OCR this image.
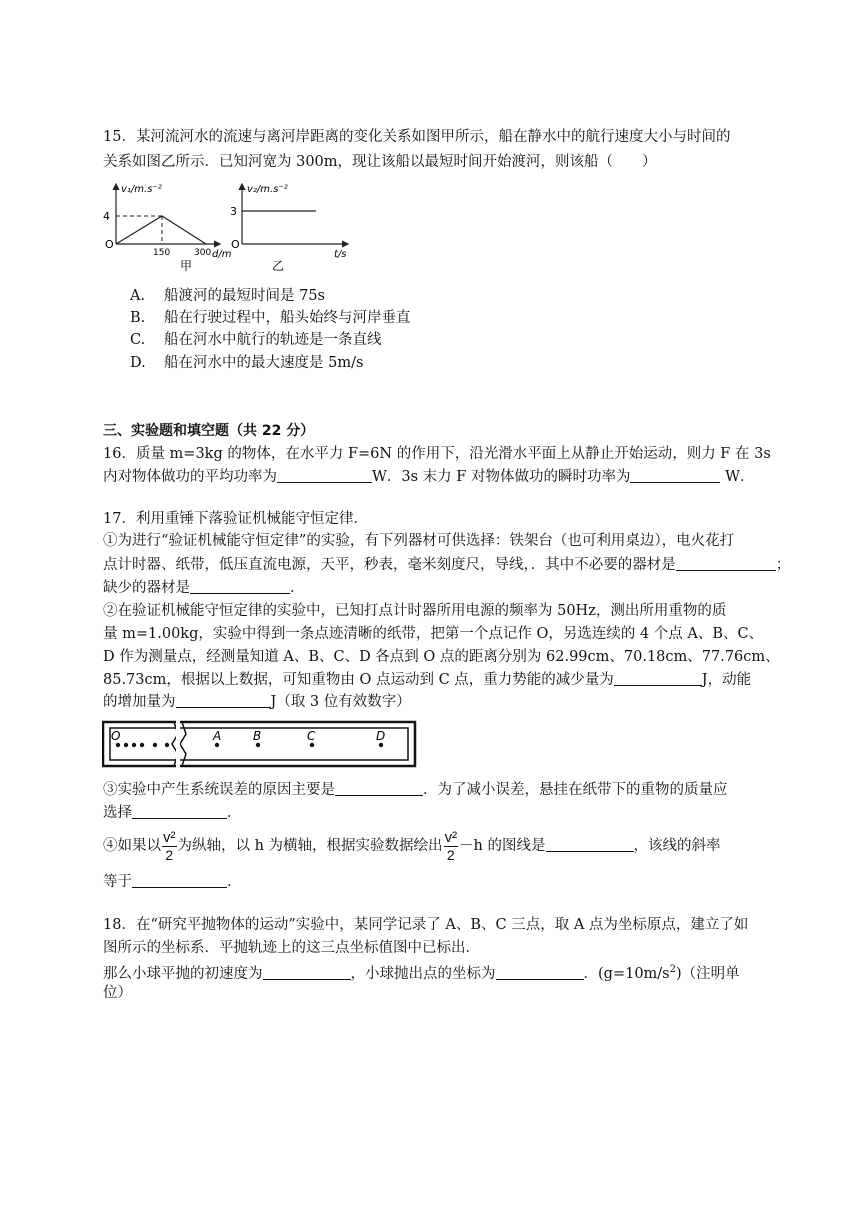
15．某河流河水的流速与离河岸距离的变化关系如图甲所示，船在静水中的航行速度大小与时间的
关系如图乙所示．已知河宽为 300m，现让该船以最短时间开始渡河，则该船（　　）
v₁/m.s⁻²
4
O
150	300 d/m
甲
v₂/m.s⁻²
3
O
t/s
乙
A. 船渡河的最短时间是 75s
B. 船在行驶过程中，船头始终与河岸垂直
C. 船在河水中航行的轨迹是一条直线
D. 船在河水中的最大速度是 5m/s
三、实验题和填空题（共 22 分）
16．质量 m=3kg 的物体，在水平力 F=6N 的作用下，沿光滑水平面上从静止开始运动，则力 F 在 3s
内对物体做功的平均功率为	W．3s 末力 F 对物体做功的瞬时功率为	W．
17．利用重锤下落验证机械能守恒定律．
①为进行“验证机械能守恒定律”的实验，有下列器材可供选择：铁架台（也可利用桌边），电火花打
点计时器、纸带，低压直流电源，天平，秒表，毫米刻度尺，导线，．其中不必要的器材是	；
缺少的器材是	．
②在验证机械能守恒定律的实验中，已知打点计时器所用电源的频率为 50Hz，测出所用重物的质
量 m=1.00kg，实验中得到一条点迹清晰的纸带，把第一个点记作 O，另选连续的 4 个点 A、B、C、
D 作为测量点，经测量知道 A、B、C、D 各点到 O 点的距离分别为 62.99cm、70.18cm、77.76cm、
85.73cm，根据以上数据，可知重物由 O 点运动到 C 点，重力势能的减少量为	J，动能
的增加量为	J（取 3 位有效数字）
O	A	B	C	D
③实验中产生系统误差的原因主要是	．为了减小误差，悬挂在纸带下的重物的质量应
选择	．
④如果以 $\frac{\text{v²}}{2}$ 为纵轴，以 h 为横轴，根据实验数据绘出 $\frac{\text{v²}}{2} -h$ 的图线是	，该线的斜率
等于	．
18．在“研究平抛物体的运动”实验中，某同学记录了 A、B、C 三点，取 A 点为坐标原点，建立了如
图所示的坐标系．平抛轨迹上的这三点坐标值图中已标出．
那么小球平抛的初速度为	，小球抛出点的坐标为	．$(g=10m/s^2)$（注明单
位）
